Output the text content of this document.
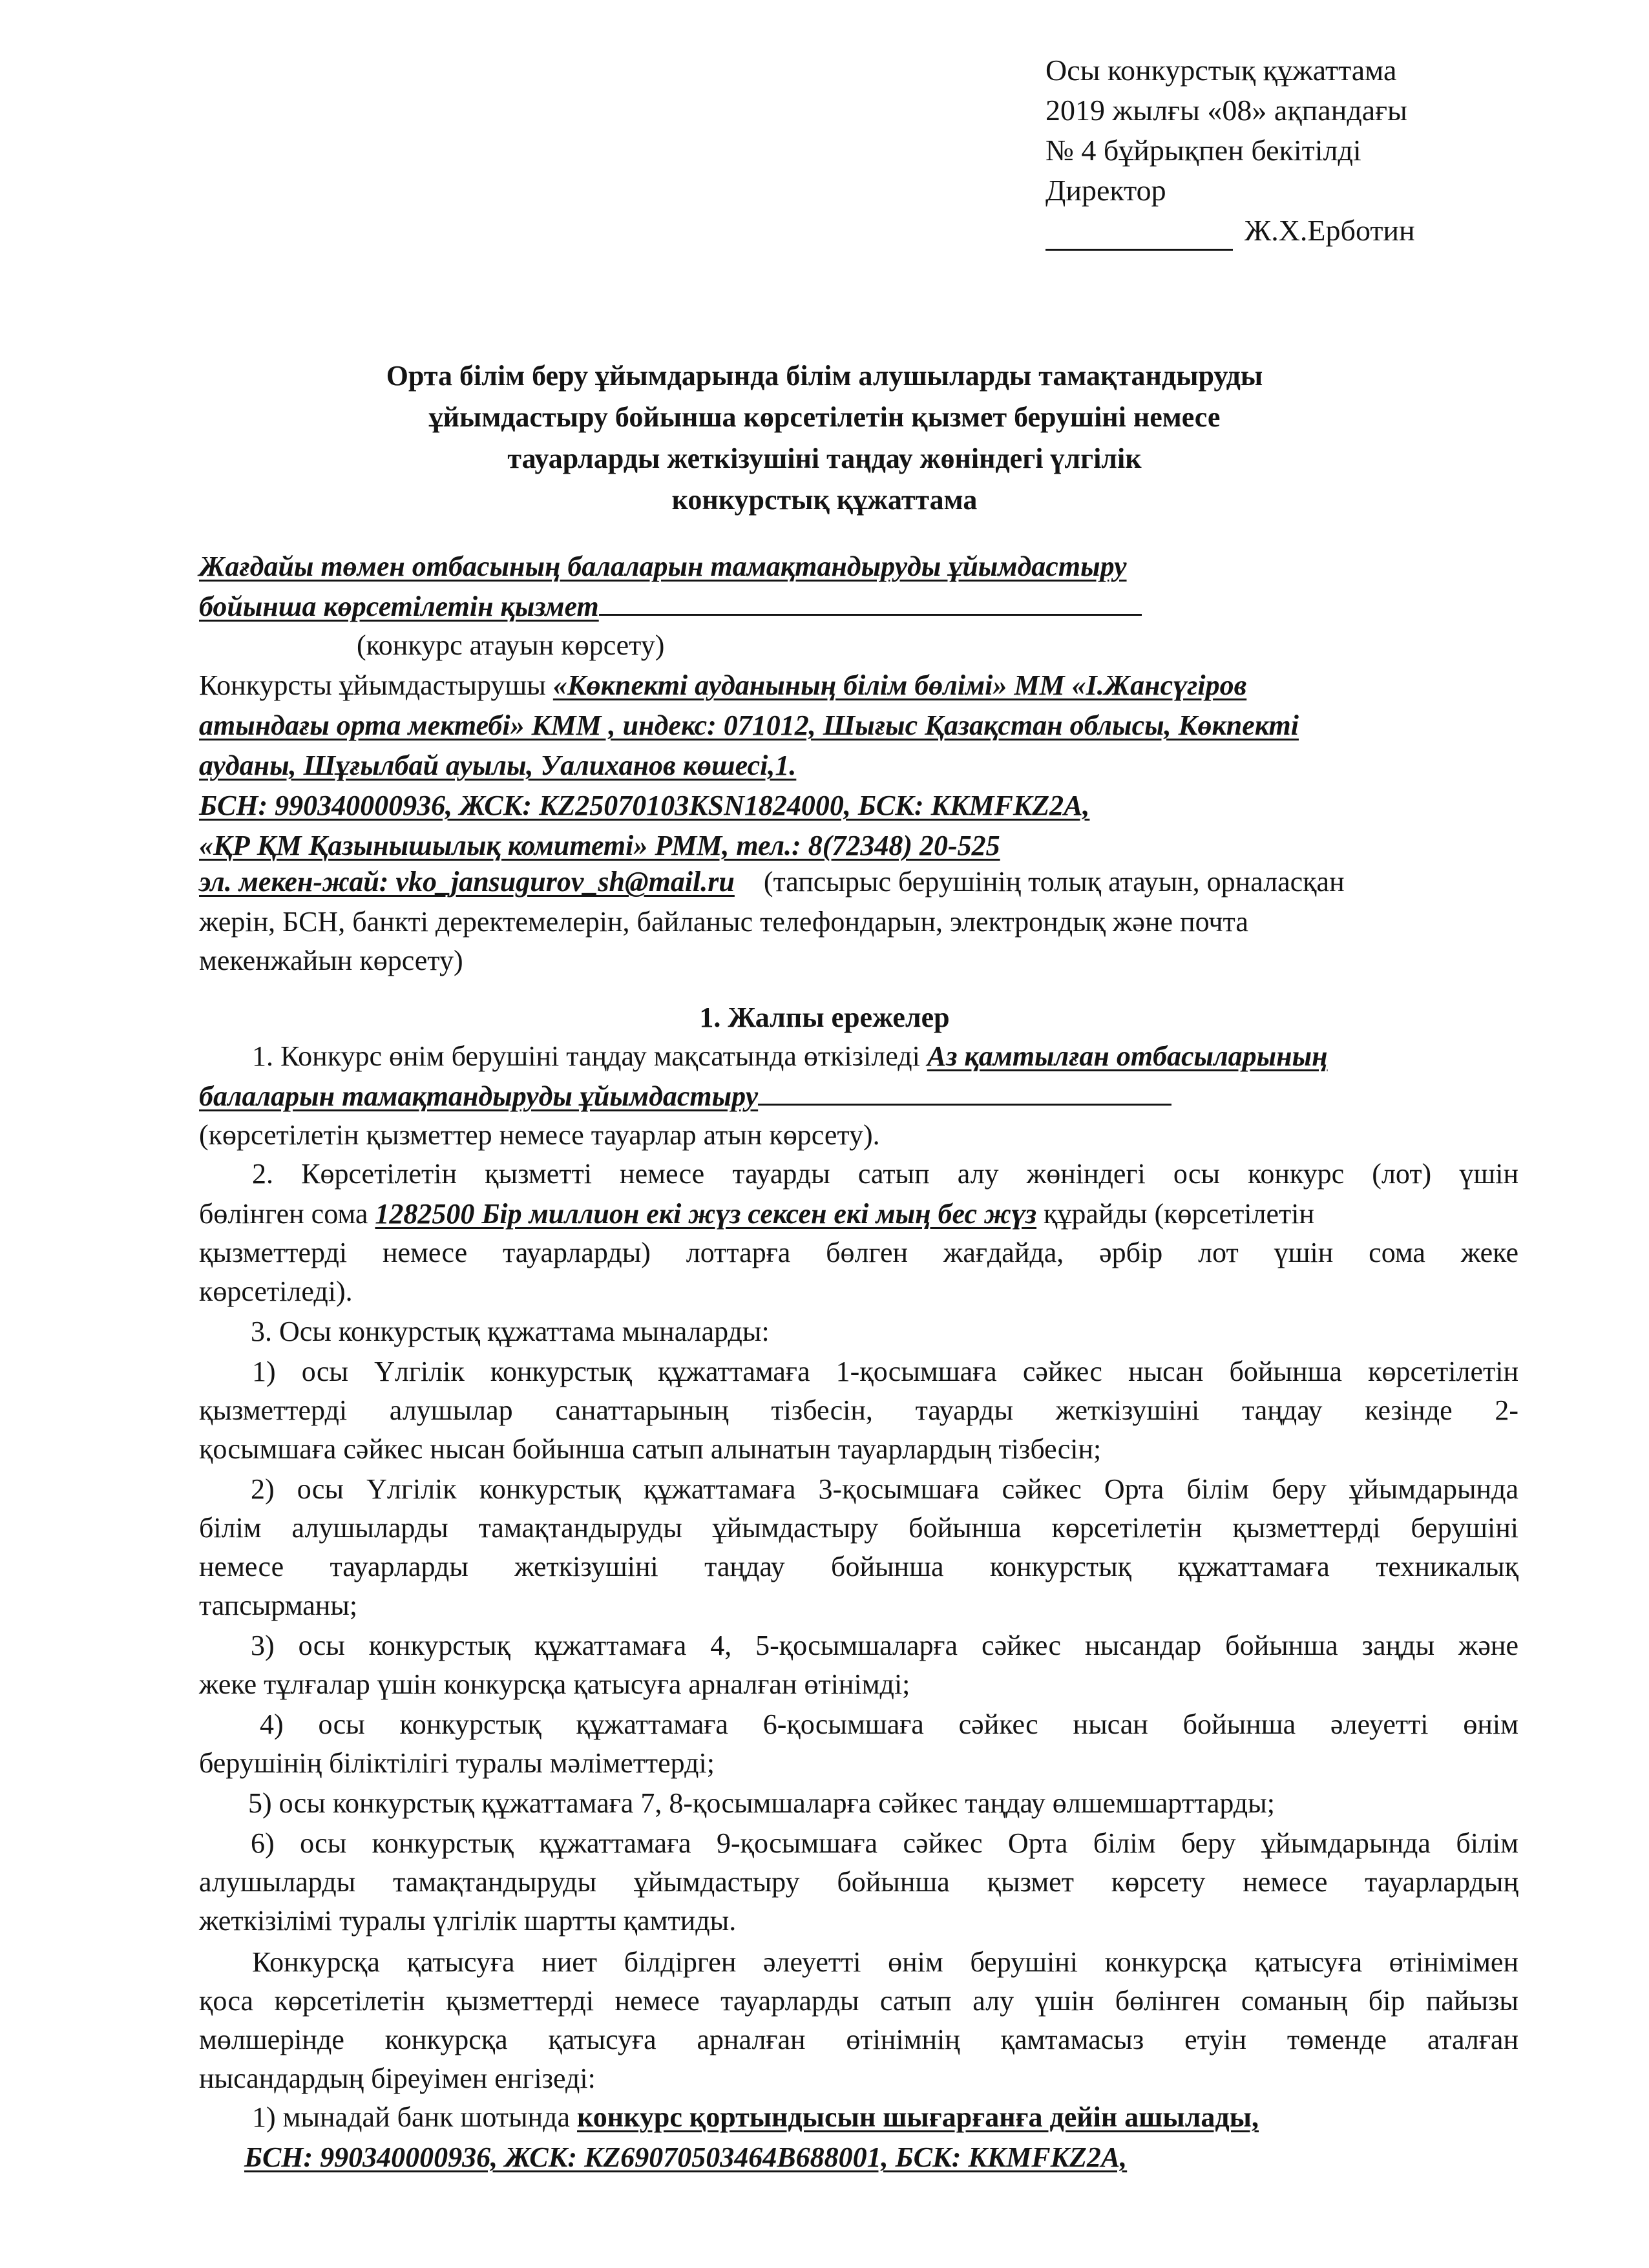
Осы конкурстық құжаттама
2019 жылғы «08» ақпандағы
№ 4 бұйрықпен бекітілді
Директор
Ж.Х.Ерботин
Орта білім беру ұйымдарында білім алушыларды тамақтандыруды
ұйымдастыру бойынша көрсетілетін қызмет берушіні немесе
тауарларды жеткізушіні таңдау жөніндегі үлгілік
конкурстық құжаттама
Жағдайы төмен отбасының балаларын тамақтандыруды ұйымдастыру
бойынша көрсетілетін қызмет
(конкурс атауын көрсету)
Конкурсты ұйымдастырушы «Көкпекті ауданының білім бөлімі» ММ «І.Жансүгіров
атындағы орта мектебі» КММ , индекс: 071012, Шығыс Қазақстан облысы, Көкпекті
ауданы, Шұғылбай ауылы, Уалиханов көшесі,1.
БСН: 990340000936, ЖСК: KZ25070103KSN1824000, БСК: KKMFKZ2A,
«ҚР ҚМ Қазынышылық комитеті» РММ, тел.: 8(72348) 20-525
эл. мекен-жай: vko_jansugurov_sh@mail.ru (тапсырыс берушінің толық атауын, орналасқан
жерін, БСН, банкті деректемелерін, байланыс телефондарын, электрондық және почта
мекенжайын көрсету)
1. Жалпы ережелер
1. Конкурс өнім берушіні таңдау мақсатында өткізіледі Аз қамтылған отбасыларының
балаларын тамақтандыруды ұйымдастыру
(көрсетілетін қызметтер немесе тауарлар атын көрсету).
2. Көрсетілетін қызметті немесе тауарды сатып алу жөніндегі осы конкурс (лот) үшін
бөлінген сома 1282500 Бір миллион екі жүз сексен екі мың бес жүз құрайды (көрсетілетін
қызметтерді немесе тауарларды) лоттарға бөлген жағдайда, әрбір лот үшін сома жеке
көрсетіледі).
3. Осы конкурстық құжаттама мыналарды:
1) осы Үлгілік конкурстық құжаттамаға 1-қосымшаға сәйкес нысан бойынша көрсетілетін
қызметтерді алушылар санаттарының тізбесін, тауарды жеткізушіні таңдау кезінде 2-
қосымшаға сәйкес нысан бойынша сатып алынатын тауарлардың тізбесін;
2) осы Үлгілік конкурстық құжаттамаға 3-қосымшаға сәйкес Орта білім беру ұйымдарында
білім алушыларды тамақтандыруды ұйымдастыру бойынша көрсетілетін қызметтерді берушіні
немесе тауарларды жеткізушіні таңдау бойынша конкурстық құжаттамаға техникалық
тапсырманы;
3) осы конкурстық құжаттамаға 4, 5-қосымшаларға сәйкес нысандар бойынша заңды және
жеке тұлғалар үшін конкурсқа қатысуға арналған өтінімді;
4) осы конкурстық құжаттамаға 6-қосымшаға сәйкес нысан бойынша әлеуетті өнім
берушінің біліктілігі туралы мәліметтерді;
5) осы конкурстық құжаттамаға 7, 8-қосымшаларға сәйкес таңдау өлшемшарттарды;
6) осы конкурстық құжаттамаға 9-қосымшаға сәйкес Орта білім беру ұйымдарында білім
алушыларды тамақтандыруды ұйымдастыру бойынша қызмет көрсету немесе тауарлардың
жеткізілімі туралы үлгілік шартты қамтиды.
Конкурсқа қатысуға ниет білдірген әлеуетті өнім берушіні конкурсқа қатысуға өтінімімен
қоса көрсетілетін қызметтерді немесе тауарларды сатып алу үшін бөлінген соманың бір пайызы
мөлшерінде конкурсқа қатысуға арналған өтінімнің қамтамасыз етуін төменде аталған
нысандардың біреуімен енгізеді:
1) мынадай банк шотында конкурс қортындысын шығарғанға дейін ашылады,
БСН: 990340000936, ЖСК: KZ69070503464B688001, БСК: KKMFKZ2A,
